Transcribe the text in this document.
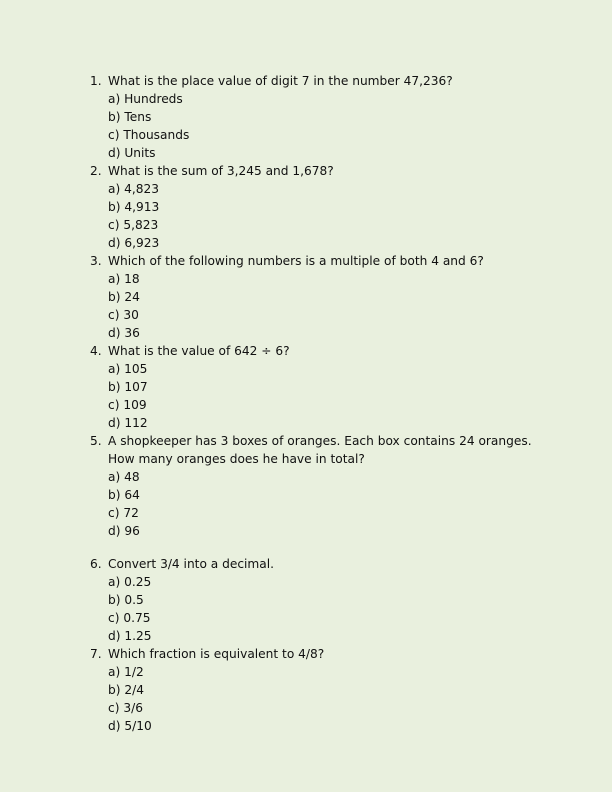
1. What is the place value of digit 7 in the number 47,236?
a) Hundreds
b) Tens
c) Thousands
d) Units
2. What is the sum of 3,245 and 1,678?
a) 4,823
b) 4,913
c) 5,823
d) 6,923
3. Which of the following numbers is a multiple of both 4 and 6?
a) 18
b) 24
c) 30
d) 36
4. What is the value of 642 ÷ 6?
a) 105
b) 107
c) 109
d) 112
5. A shopkeeper has 3 boxes of oranges. Each box contains 24 oranges.
How many oranges does he have in total?
a) 48
b) 64
c) 72
d) 96
6. Convert 3/4 into a decimal.
a) 0.25
b) 0.5
c) 0.75
d) 1.25
7. Which fraction is equivalent to 4/8?
a) 1/2
b) 2/4
c) 3/6
d) 5/10
